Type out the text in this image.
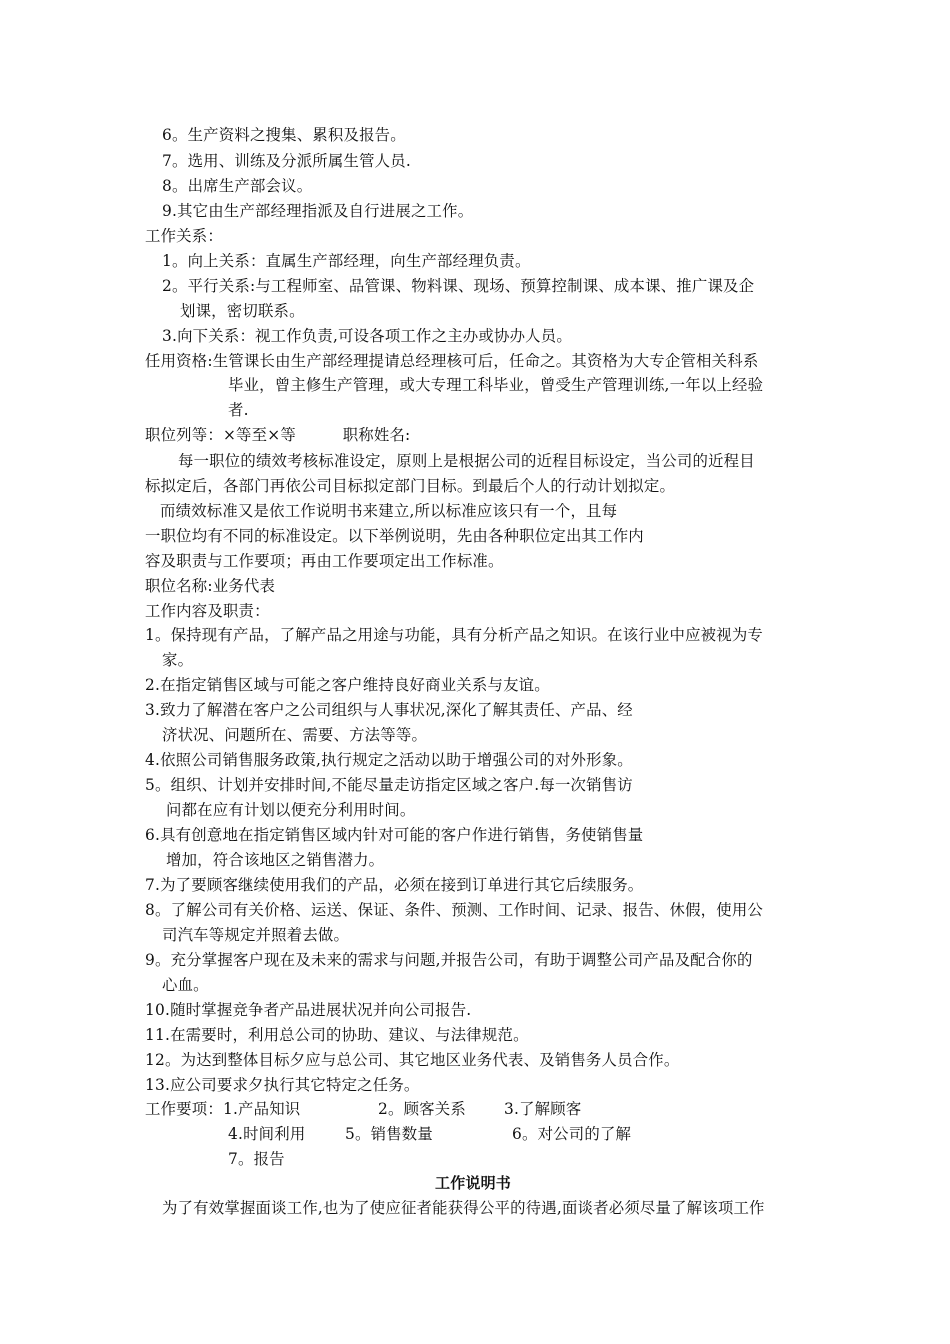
6。生产资料之搜集、累积及报告。

7。选用、训练及分派所属生管人员.

8。出席生产部会议。

9.其它由生产部经理指派及自行进展之工作。

工作关系：

1。向上关系：直属生产部经理，向生产部经理负责。

2。平行关系:与工程师室、品管课、物料课、现场、预算控制课、成本课、推广课及企

划课，密切联系。

3.向下关系：视工作负责,可设各项工作之主办或协办人员。

任用资格:生管课长由生产部经理提请总经理核可后，任命之。其资格为大专企管相关科系

毕业，曾主修生产管理，或大专理工科毕业，曾受生产管理训练,一年以上经验

者.

职位列等：×等至×等　　　职称姓名:

每一职位的绩效考核标准设定，原则上是根据公司的近程目标设定，当公司的近程目

标拟定后，各部门再依公司目标拟定部门目标。到最后个人的行动计划拟定。

而绩效标准又是依工作说明书来建立,所以标准应该只有一个，且每

一职位均有不同的标准设定。以下举例说明，先由各种职位定出其工作内

容及职责与工作要项；再由工作要项定出工作标准。

职位名称:业务代表

工作内容及职责：

1。保持现有产品，了解产品之用途与功能，具有分析产品之知识。在该行业中应被视为专

家。

2.在指定销售区域与可能之客户维持良好商业关系与友谊。

3.致力了解潜在客户之公司组织与人事状况,深化了解其责任、产品、经

济状况、问题所在、需要、方法等等。

4.依照公司销售服务政策,执行规定之活动以助于增强公司的对外形象。

5。组织、计划并安排时间,不能尽量走访指定区域之客户.每一次销售访

问都在应有计划以便充分利用时间。

6.具有创意地在指定销售区域内针对可能的客户作进行销售，务使销售量

增加，符合该地区之销售潜力。

7.为了要顾客继续使用我们的产品，必须在接到订单进行其它后续服务。

8。了解公司有关价格、运送、保证、条件、预测、工作时间、记录、报告、休假，使用公

司汽车等规定并照着去做。

9。充分掌握客户现在及未来的需求与问题,并报告公司，有助于调整公司产品及配合你的

心血。

10.随时掌握竞争者产品进展状况并向公司报告.

11.在需要时，利用总公司的协助、建议、与法律规范。

12。为达到整体目标夕应与总公司、其它地区业务代表、及销售务人员合作。

13.应公司要求夕执行其它特定之任务。

工作要项：1.产品知识	2。顾客关系 3.了解顾客

4.时间利用	5。销售数量	6。对公司的了解

7。报告

工作说明书

为了有效掌握面谈工作,也为了使应征者能获得公平的待遇,面谈者必须尽量了解该项工作
